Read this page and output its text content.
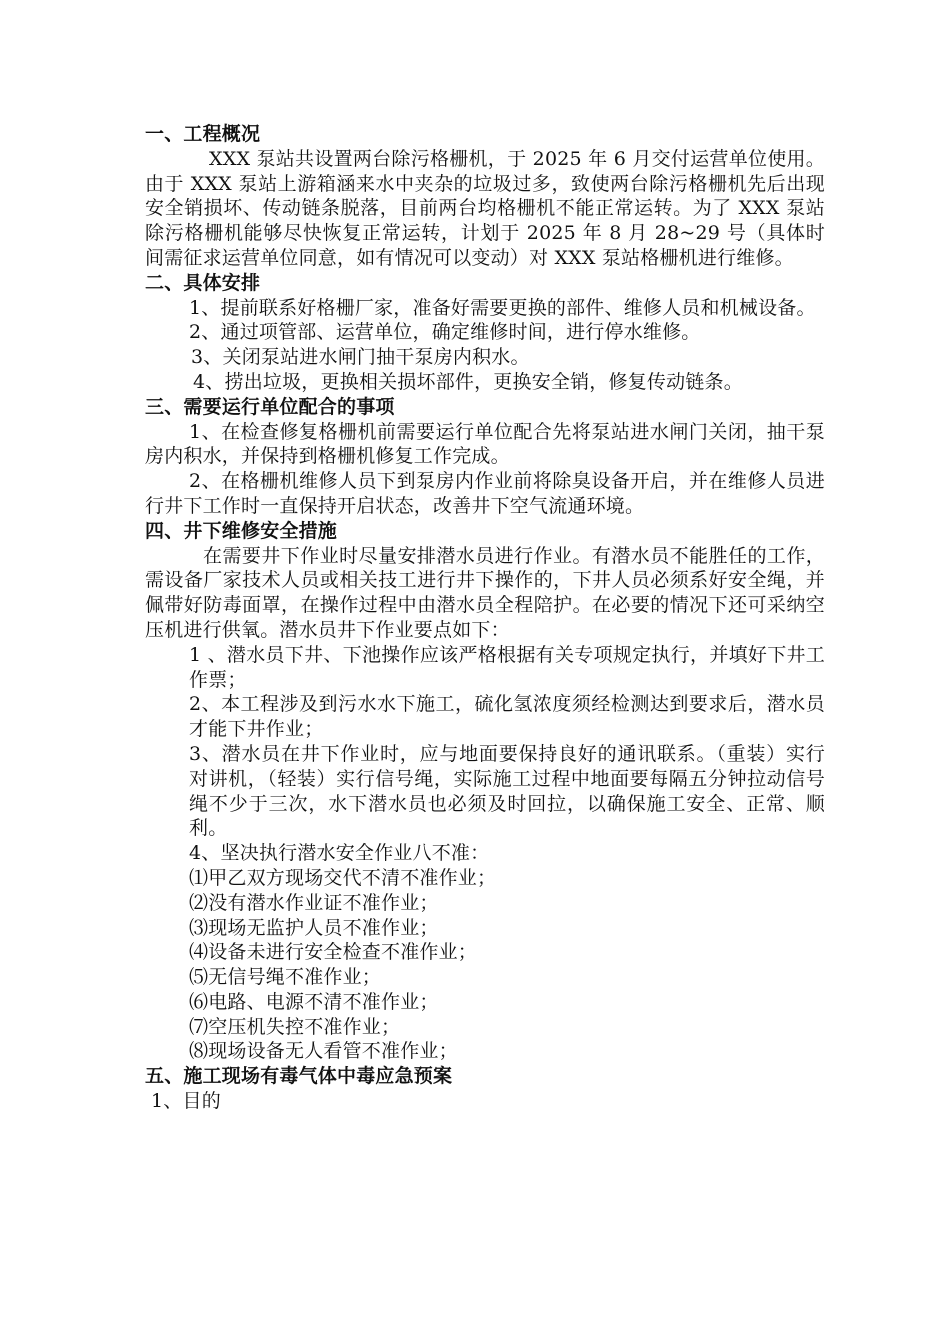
一、工程概况
XXX 泵站共设置两台除污格栅机，于 2025 年 6 月交付运营单位使用。由于 XXX 泵站上游箱涵来水中夹杂的垃圾过多，致使两台除污格栅机先后出现安全销损坏、传动链条脱落，目前两台均格栅机不能正常运转。为了 XXX 泵站除污格栅机能够尽快恢复正常运转，计划于 2025 年 8 月 28~29 号（具体时间需征求运营单位同意，如有情况可以变动）对 XXX 泵站格栅机进行维修。
二、具体安排
1、提前联系好格栅厂家，准备好需要更换的部件、维修人员和机械设备。
2、通过项管部、运营单位，确定维修时间，进行停水维修。
3、关闭泵站进水闸门抽干泵房内积水。
4、捞出垃圾，更换相关损坏部件，更换安全销，修复传动链条。
三、需要运行单位配合的事项
1、在检查修复格栅机前需要运行单位配合先将泵站进水闸门关闭，抽干泵房内积水，并保持到格栅机修复工作完成。
2、在格栅机维修人员下到泵房内作业前将除臭设备开启，并在维修人员进行井下工作时一直保持开启状态，改善井下空气流通环境。
四、井下维修安全措施
在需要井下作业时尽量安排潜水员进行作业。有潜水员不能胜任的工作，需设备厂家技术人员或相关技工进行井下操作的，下井人员必须系好安全绳，并佩带好防毒面罩，在操作过程中由潜水员全程陪护。在必要的情况下还可采纳空压机进行供氧。潜水员井下作业要点如下：
1 、潜水员下井、下池操作应该严格根据有关专项规定执行，并填好下井工作票；
2、本工程涉及到污水水下施工，硫化氢浓度须经检测达到要求后，潜水员才能下井作业；
3、潜水员在井下作业时，应与地面要保持良好的通讯联系。（重装）实行对讲机，（轻装）实行信号绳，实际施工过程中地面要每隔五分钟拉动信号绳不少于三次，水下潜水员也必须及时回拉，以确保施工安全、正常、顺利。
4、坚决执行潜水安全作业八不准：
⑴甲乙双方现场交代不清不准作业；
⑵没有潜水作业证不准作业；
⑶现场无监护人员不准作业；
⑷设备未进行安全检查不准作业；
⑸无信号绳不准作业；
⑹电路、电源不清不准作业；
⑺空压机失控不准作业；
⑻现场设备无人看管不准作业；
五、施工现场有毒气体中毒应急预案
1、目的
